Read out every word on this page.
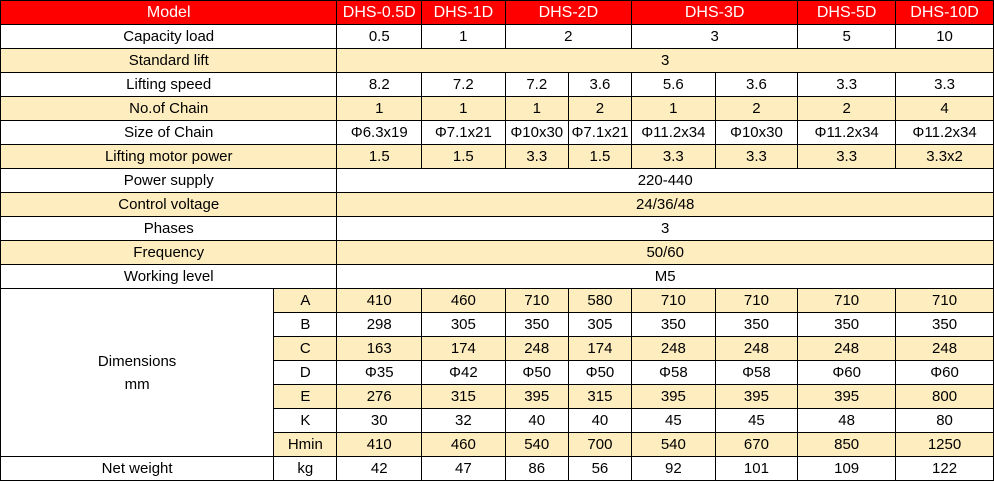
Model		DHS-0.5D	DHS-1D	DHS-2D		DHS-3D		DHS-5D	DHS-10D
Capacity load		0.5	1	2		3		5	10
Standard lift		3							
Lifting speed		8.2	7.2	7.2	3.6	5.6	3.6	3.3	3.3
No.of Chain		1	1	1	2	1	2	2	4
Size of Chain		Φ6.3x19	Φ7.1x21	Φ10x30	Φ7.1x21	Φ11.2x34	Φ10x30	Φ11.2x34	Φ11.2x34
Lifting motor power		1.5	1.5	3.3	1.5	3.3	3.3	3.3	3.3x2
Power supply		220-440							
Control voltage		24/36/48							
Phases		3							
Frequency		50/60							
Working level		M5							

Dimensions
mm	A	410	460	710	580	710	710	710	710
	B	298	305	350	305	350	350	350	350
	C	163	174	248	174	248	248	248	248
	D	Φ35	Φ42	Φ50	Φ50	Φ58	Φ58	Φ60	Φ60
	E	276	315	395	315	395	395	395	800
	K	30	32	40	40	45	45	48	80
	Hmin	410	460	540	700	540	670	850	1250
Net weight	kg	42	47	86	56	92	101	109	122
